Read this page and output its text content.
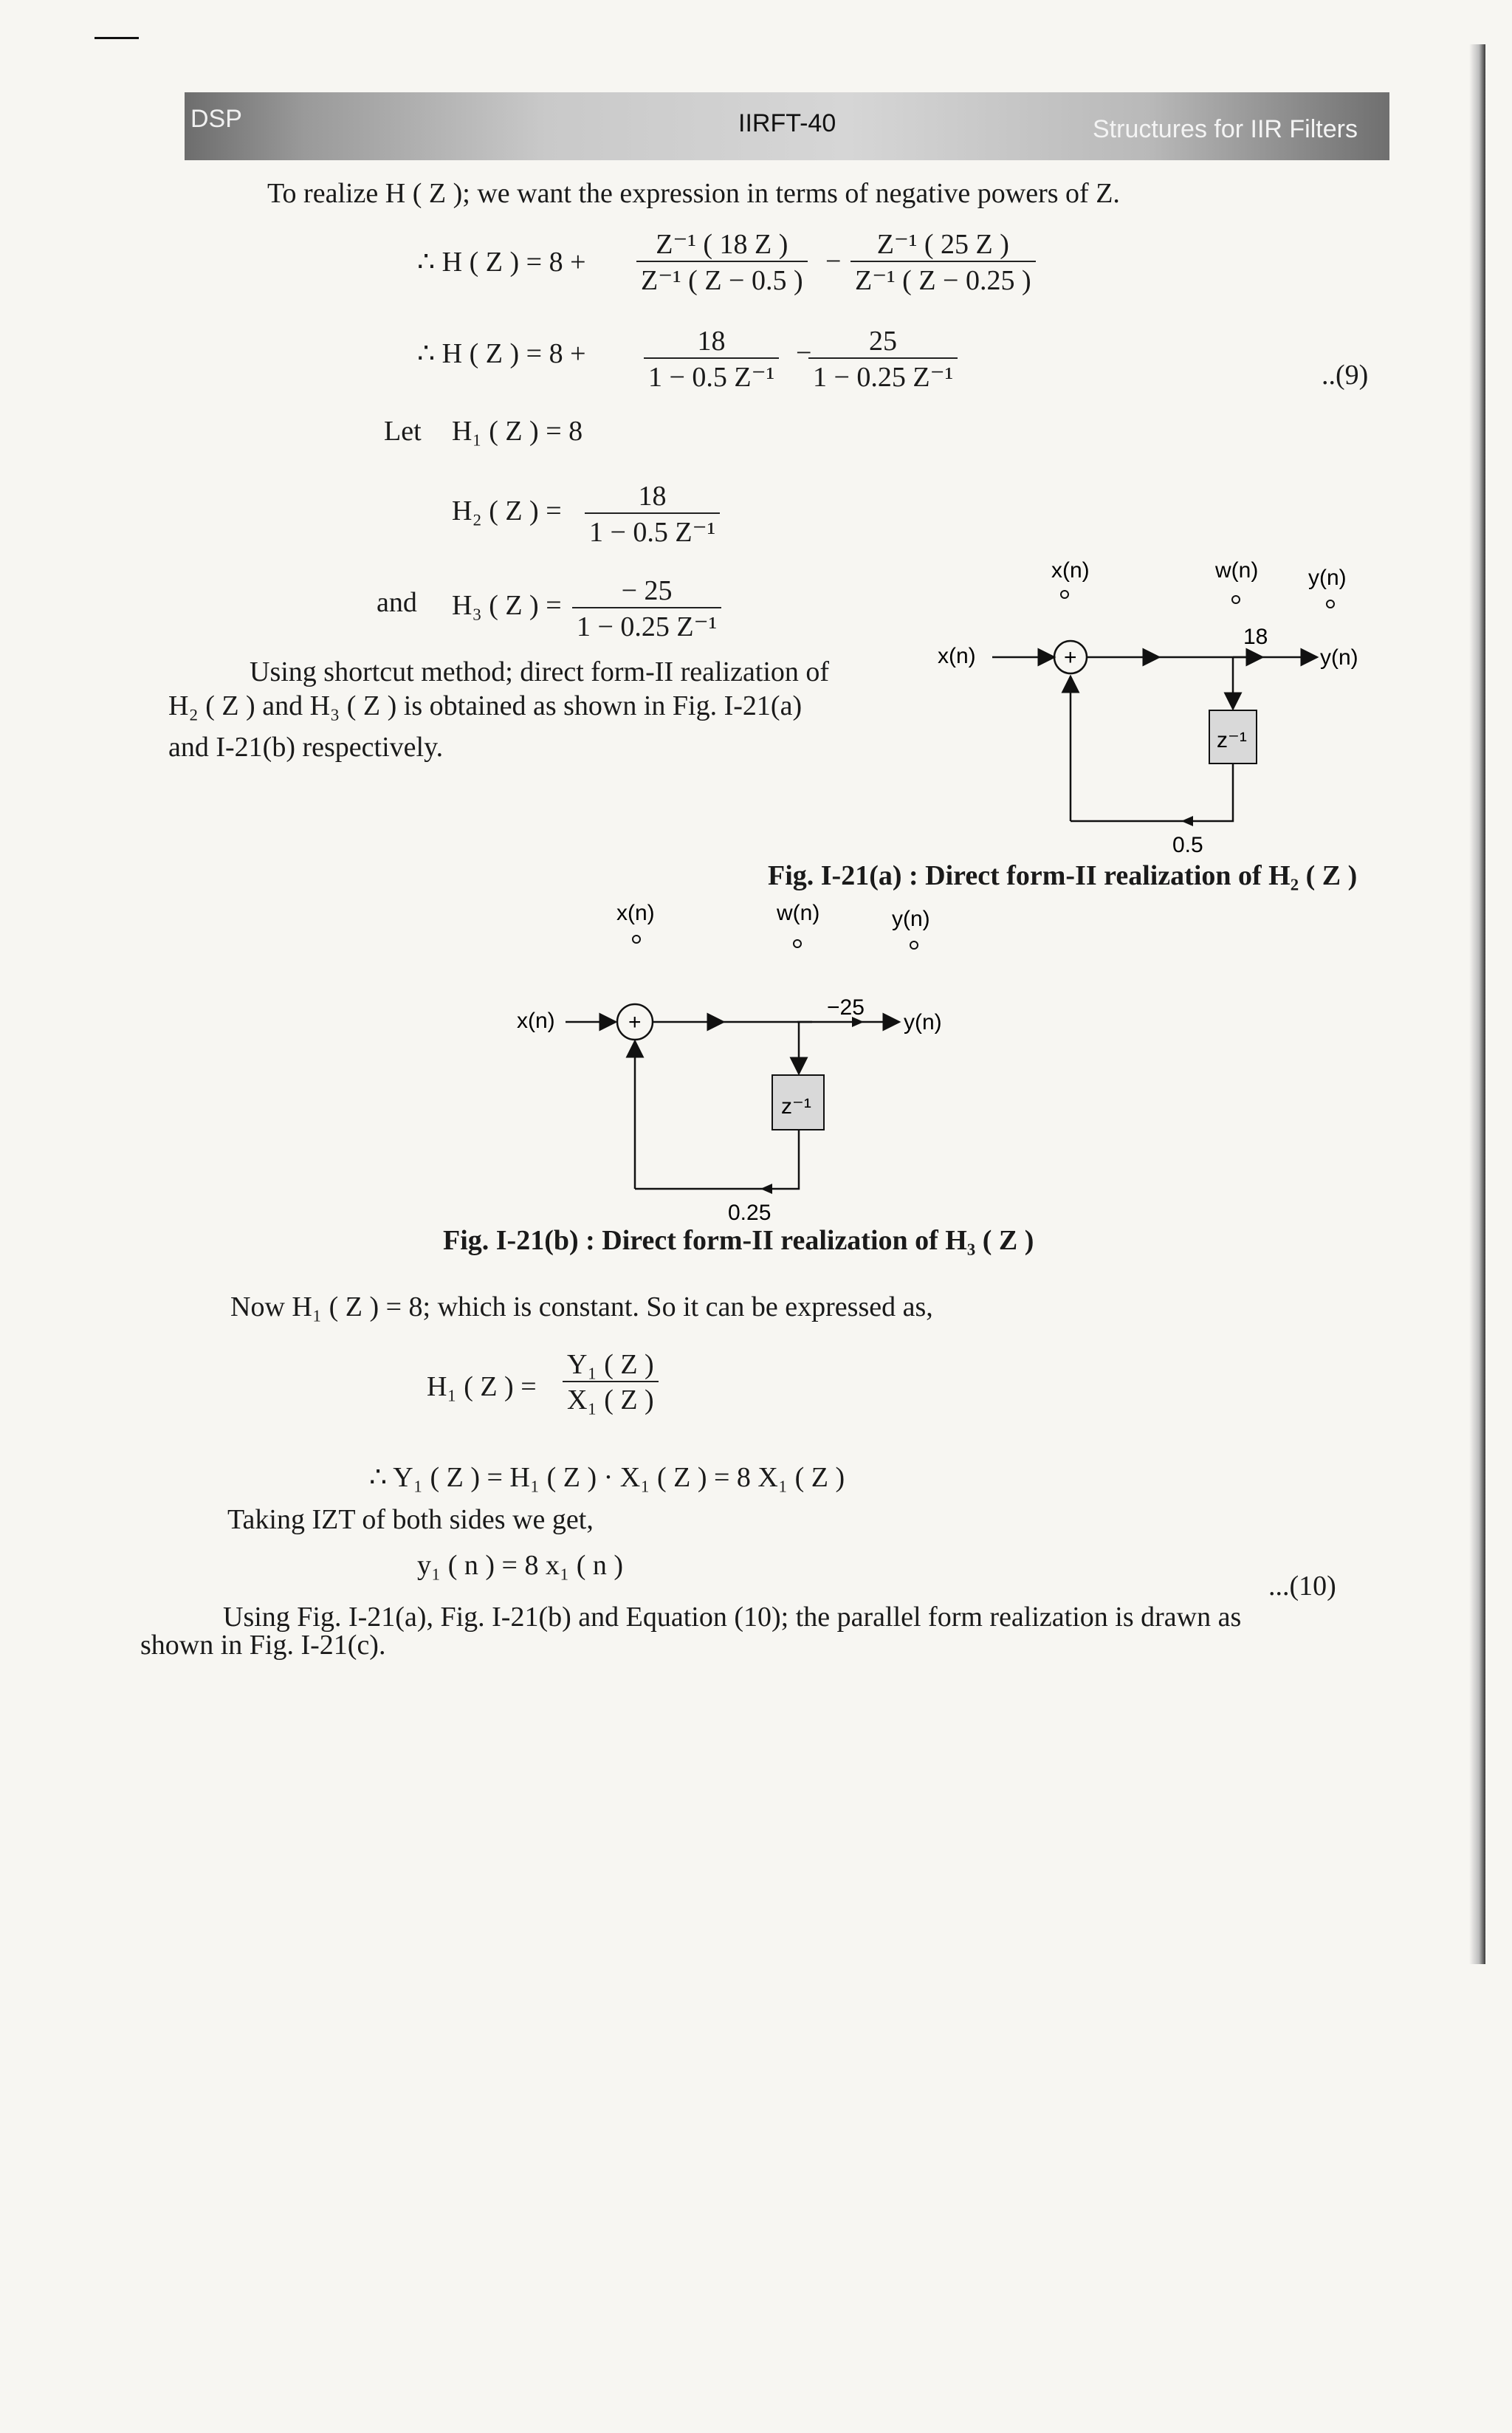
DSP	IIRFT-40	Structures for IIR Filters
To realize H ( Z ); we want the expression in terms of negative powers of Z.
∴ H ( Z ) = $8 + \frac{\text{Z⁻¹ ( 18 Z )}}{\text{Z⁻¹ ( Z − 0.5 )}} - \frac{\text{Z⁻¹ ( 25 Z )}}{\text{Z⁻¹ ( Z − 0.25 )}}$
∴ H ( Z ) = $8 + \frac{18}{\text{1 − 0.5 Z⁻¹}}$ −
$\frac{25}{\text{1 − 0.25 Z⁻¹}}$	..(9)
Let H₁ ( Z ) = 8
H₂ ( Z ) = $\frac{18}{\text{1 − 0.5 Z⁻¹}}$
and H₃ ( Z ) = $\frac{- 25}{\text{1 − 0.25 Z⁻¹}}$
Using shortcut method; direct form-II realization of
H₂ ( Z ) and H₃ ( Z ) is obtained as shown in Fig. I-21(a)
and I-21(b) respectively.
x(n)	w(n) y(n)
x(n)	+
18
y(n)
z⁻¹
0.5
Fig. I-21(a) : Direct form-II realization of H₂ ( Z )
x(n)	w(n)	y(n)
x(n)	+
−25
y(n)
z⁻¹
0.25
Fig. I-21(b) : Direct form-II realization of H₃ ( Z )
Now H₁ ( Z ) = 8; which is constant. So it can be expressed as,
H₁ ( Z ) = $\frac{\text{Y₁ ( Z )}}{\text{X₁ ( Z )}}$
∴ Y₁ ( Z ) = H₁ ( Z ) · X₁ ( Z ) = 8 X₁ ( Z )
Taking IZT of both sides we get,
y₁ ( n ) = 8 x₁ ( n )
...(10)
Using Fig. I-21(a), Fig. I-21(b) and Equation (10); the parallel form realization is drawn as
shown in Fig. I-21(c).
